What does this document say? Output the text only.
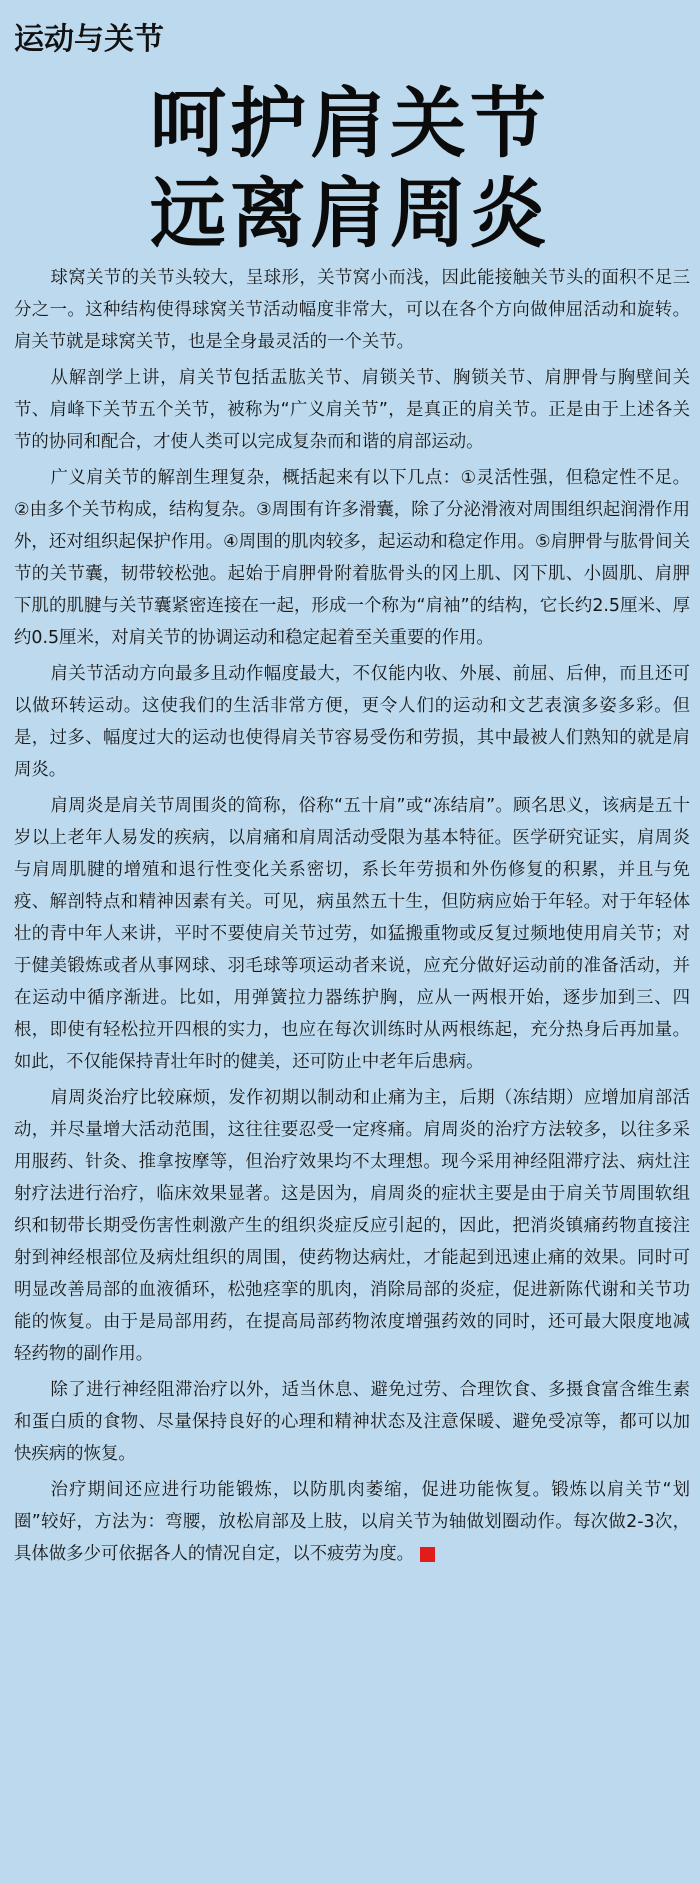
运动与关节
呵护肩关节
远离肩周炎

球窝关节的关节头较大，呈球形，关节窝小而浅，因此能接触关节头的面积不足三分之一。这种结构使得球窝关节活动幅度非常大，可以在各个方向做伸屈活动和旋转。肩关节就是球窝关节，也是全身最灵活的一个关节。

从解剖学上讲，肩关节包括盂肱关节、肩锁关节、胸锁关节、肩胛骨与胸壁间关节、肩峰下关节五个关节，被称为“广义肩关节”，是真正的肩关节。正是由于上述各关节的协同和配合，才使人类可以完成复杂而和谐的肩部运动。

广义肩关节的解剖生理复杂，概括起来有以下几点：①灵活性强，但稳定性不足。②由多个关节构成，结构复杂。③周围有许多滑囊，除了分泌滑液对周围组织起润滑作用外，还对组织起保护作用。④周围的肌肉较多，起运动和稳定作用。⑤肩胛骨与肱骨间关节的关节囊，韧带较松弛。起始于肩胛骨附着肱骨头的冈上肌、冈下肌、小圆肌、肩胛下肌的肌腱与关节囊紧密连接在一起，形成一个称为“肩袖”的结构，它长约2.5厘米、厚约0.5厘米，对肩关节的协调运动和稳定起着至关重要的作用。

肩关节活动方向最多且动作幅度最大，不仅能内收、外展、前屈、后伸，而且还可以做环转运动。这使我们的生活非常方便，更令人们的运动和文艺表演多姿多彩。但是，过多、幅度过大的运动也使得肩关节容易受伤和劳损，其中最被人们熟知的就是肩周炎。

肩周炎是肩关节周围炎的简称，俗称“五十肩”或“冻结肩”。顾名思义，该病是五十岁以上老年人易发的疾病，以肩痛和肩周活动受限为基本特征。医学研究证实，肩周炎与肩周肌腱的增殖和退行性变化关系密切，系长年劳损和外伤修复的积累，并且与免疫、解剖特点和精神因素有关。可见，病虽然五十生，但防病应始于年轻。对于年轻体壮的青中年人来讲，平时不要使肩关节过劳，如猛搬重物或反复过频地使用肩关节；对于健美锻炼或者从事网球、羽毛球等项运动者来说，应充分做好运动前的准备活动，并在运动中循序渐进。比如，用弹簧拉力器练护胸，应从一两根开始，逐步加到三、四根，即使有轻松拉开四根的实力，也应在每次训练时从两根练起，充分热身后再加量。如此，不仅能保持青壮年时的健美，还可防止中老年后患病。

肩周炎治疗比较麻烦，发作初期以制动和止痛为主，后期（冻结期）应增加肩部活动，并尽量增大活动范围，这往往要忍受一定疼痛。肩周炎的治疗方法较多，以往多采用服药、针灸、推拿按摩等，但治疗效果均不太理想。现今采用神经阻滞疗法、病灶注射疗法进行治疗，临床效果显著。这是因为，肩周炎的症状主要是由于肩关节周围软组织和韧带长期受伤害性刺激产生的组织炎症反应引起的，因此，把消炎镇痛药物直接注射到神经根部位及病灶组织的周围，使药物达病灶，才能起到迅速止痛的效果。同时可明显改善局部的血液循环，松弛痉挛的肌肉，消除局部的炎症，促进新陈代谢和关节功能的恢复。由于是局部用药，在提高局部药物浓度增强药效的同时，还可最大限度地减轻药物的副作用。

除了进行神经阻滞治疗以外，适当休息、避免过劳、合理饮食、多摄食富含维生素和蛋白质的食物、尽量保持良好的心理和精神状态及注意保暖、避免受凉等，都可以加快疾病的恢复。

治疗期间还应进行功能锻炼，以防肌肉萎缩，促进功能恢复。锻炼以肩关节“划圈”较好，方法为：弯腰，放松肩部及上肢，以肩关节为轴做划圈动作。每次做2-3次，具体做多少可依据各人的情况自定，以不疲劳为度。
